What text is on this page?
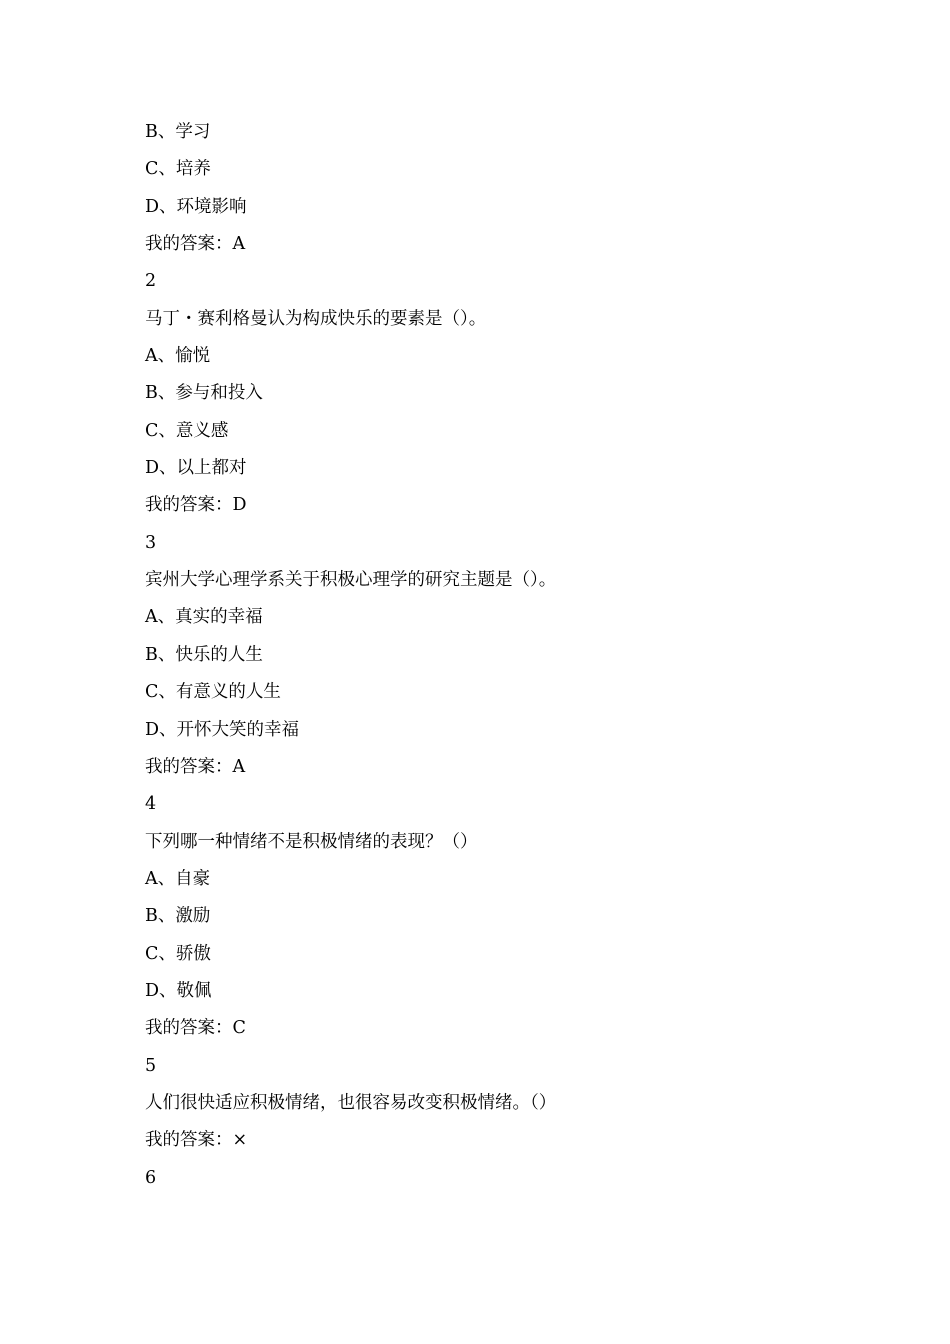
B、学习
C、培养
D、环境影响
我的答案：A
2
马丁・赛利格曼认为构成快乐的要素是（）。
A、愉悦
B、参与和投入
C、意义感
D、以上都对
我的答案：D
3
宾州大学心理学系关于积极心理学的研究主题是（）。
A、真实的幸福
B、快乐的人生
C、有意义的人生
D、开怀大笑的幸福
我的答案：A
4
下列哪一种情绪不是积极情绪的表现？（）
A、自豪
B、激励
C、骄傲
D、敬佩
我的答案：C
5
人们很快适应积极情绪，也很容易改变积极情绪。（）
我的答案：×
6
